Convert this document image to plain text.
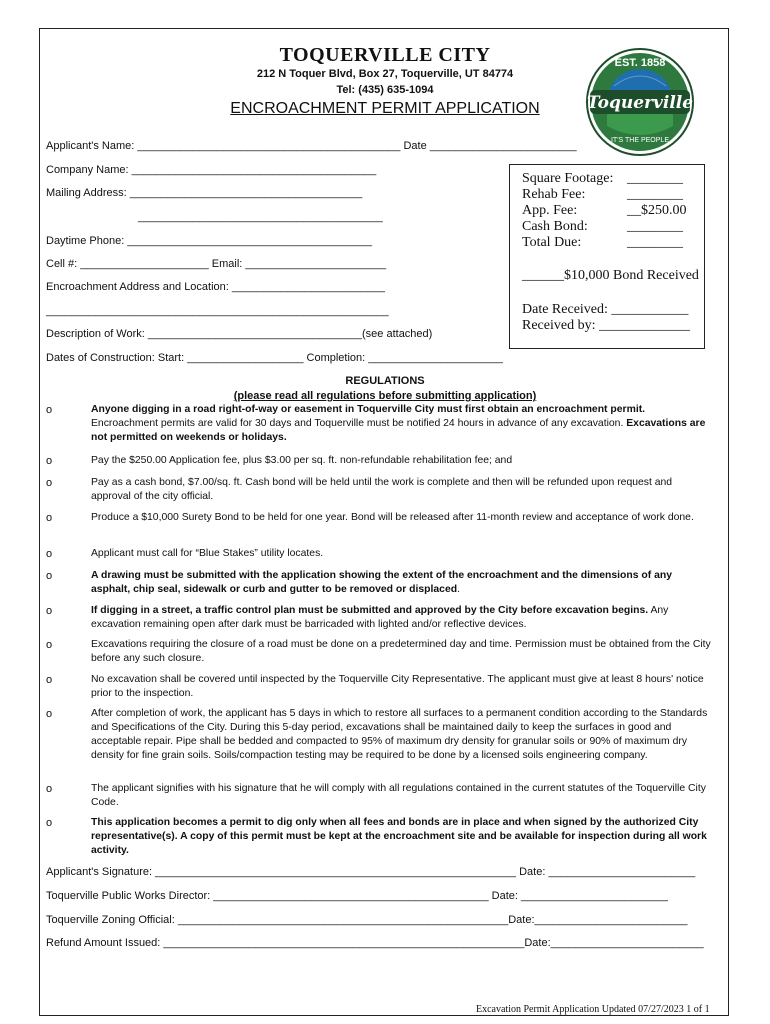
TOQUERVILLE CITY
212 N Toquer Blvd, Box 27, Toquerville, UT 84774
Tel: (435) 635-1094
ENCROACHMENT PERMIT APPLICATION
EST. 1858
Toquerville
IT'S THE PEOPLE
Applicant's Name: ___________________________________________ Date ________________________
Company Name: ________________________________________
Mailing Address: ______________________________________
________________________________________
Daytime Phone: ________________________________________
Cell #: _____________________ Email: _______________________
Encroachment Address and Location: _________________________
________________________________________________________
Description of Work: ___________________________________(see attached)
Dates of Construction: Start: ___________________ Completion: ______________________
Square Footage: ________
Rehab Fee:	________
App. Fee:	__$250.00
Cash Bond:	________
Total Due:	________
______$10,000 Bond Received
Date Received: ___________
Received by: _____________
REGULATIONS
(please read all regulations before submitting application)
o	Anyone digging in a road right-of-way or easement in Toquerville City must first obtain an encroachment permit. Encroachment permits are valid for 30 days and Toquerville must be notified 24 hours in advance of any excavation. Excavations are not permitted on weekends or holidays.
o	Pay the $250.00 Application fee, plus $3.00 per sq. ft. non-refundable rehabilitation fee; and
o	Pay as a cash bond, $7.00/sq. ft. Cash bond will be held until the work is complete and then will be refunded upon request and approval of the city official.
o	Produce a $10,000 Surety Bond to be held for one year. Bond will be released after 11-month review and acceptance of work done.
o	Applicant must call for “Blue Stakes” utility locates.
o	A drawing must be submitted with the application showing the extent of the encroachment and the dimensions of any asphalt, chip seal, sidewalk or curb and gutter to be removed or displaced.
o	If digging in a street, a traffic control plan must be submitted and approved by the City before excavation begins. Any excavation remaining open after dark must be barricaded with lighted and/or reflective devices.
o	Excavations requiring the closure of a road must be done on a predetermined day and time. Permission must be obtained from the City before any such closure.
o	No excavation shall be covered until inspected by the Toquerville City Representative. The applicant must give at least 8 hours' notice prior to the inspection.
o	After completion of work, the applicant has 5 days in which to restore all surfaces to a permanent condition according to the Standards and Specifications of the City. During this 5-day period, excavations shall be maintained daily to keep the surfaces in good and acceptable repair. Pipe shall be bedded and compacted to 95% of maximum dry density for granular soils or 90% of maximum dry density for fine grain soils. Soils/compaction testing may be required to be done by a licensed soils engineering company.
o	The applicant signifies with his signature that he will comply with all regulations contained in the current statutes of the Toquerville City Code.
o	This application becomes a permit to dig only when all fees and bonds are in place and when signed by the authorized City representative(s). A copy of this permit must be kept at the encroachment site and be available for inspection during all work activity.
Applicant's Signature: ___________________________________________________________ Date: ________________________
Toquerville Public Works Director: _____________________________________________ Date: ________________________
Toquerville Zoning Official: ______________________________________________________Date:_________________________
Refund Amount Issued: ___________________________________________________________Date:_________________________
Excavation Permit Application Updated 07/27/2023 1 of 1
